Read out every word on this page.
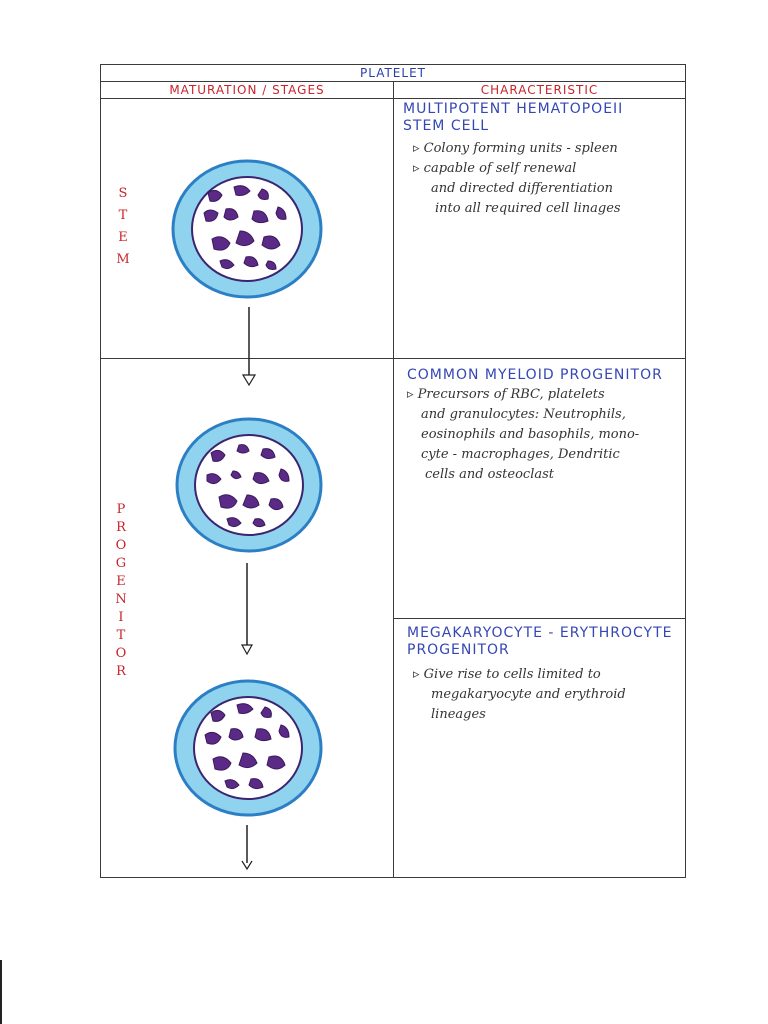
PLATELET
MATURATION / STAGES	CHARACTERISTIC
S
T
E
M
P
R
O
G
E
N
I
T
O
R
MULTIPOTENT HEMATOPOEII
STEM CELL

▹ Colony forming units - spleen

▹ capable of self renewal

and directed differentiation

into all required cell linages

COMMON MYELOID PROGENITOR

▹ Precursors of RBC, platelets

and granulocytes: Neutrophils,

eosinophils and basophils, mono-

cyte - macrophages, Dendritic

cells and osteoclast

MEGAKARYOCYTE - ERYTHROCYTE
PROGENITOR

▹ Give rise to cells limited to

megakaryocyte and erythroid

lineages
